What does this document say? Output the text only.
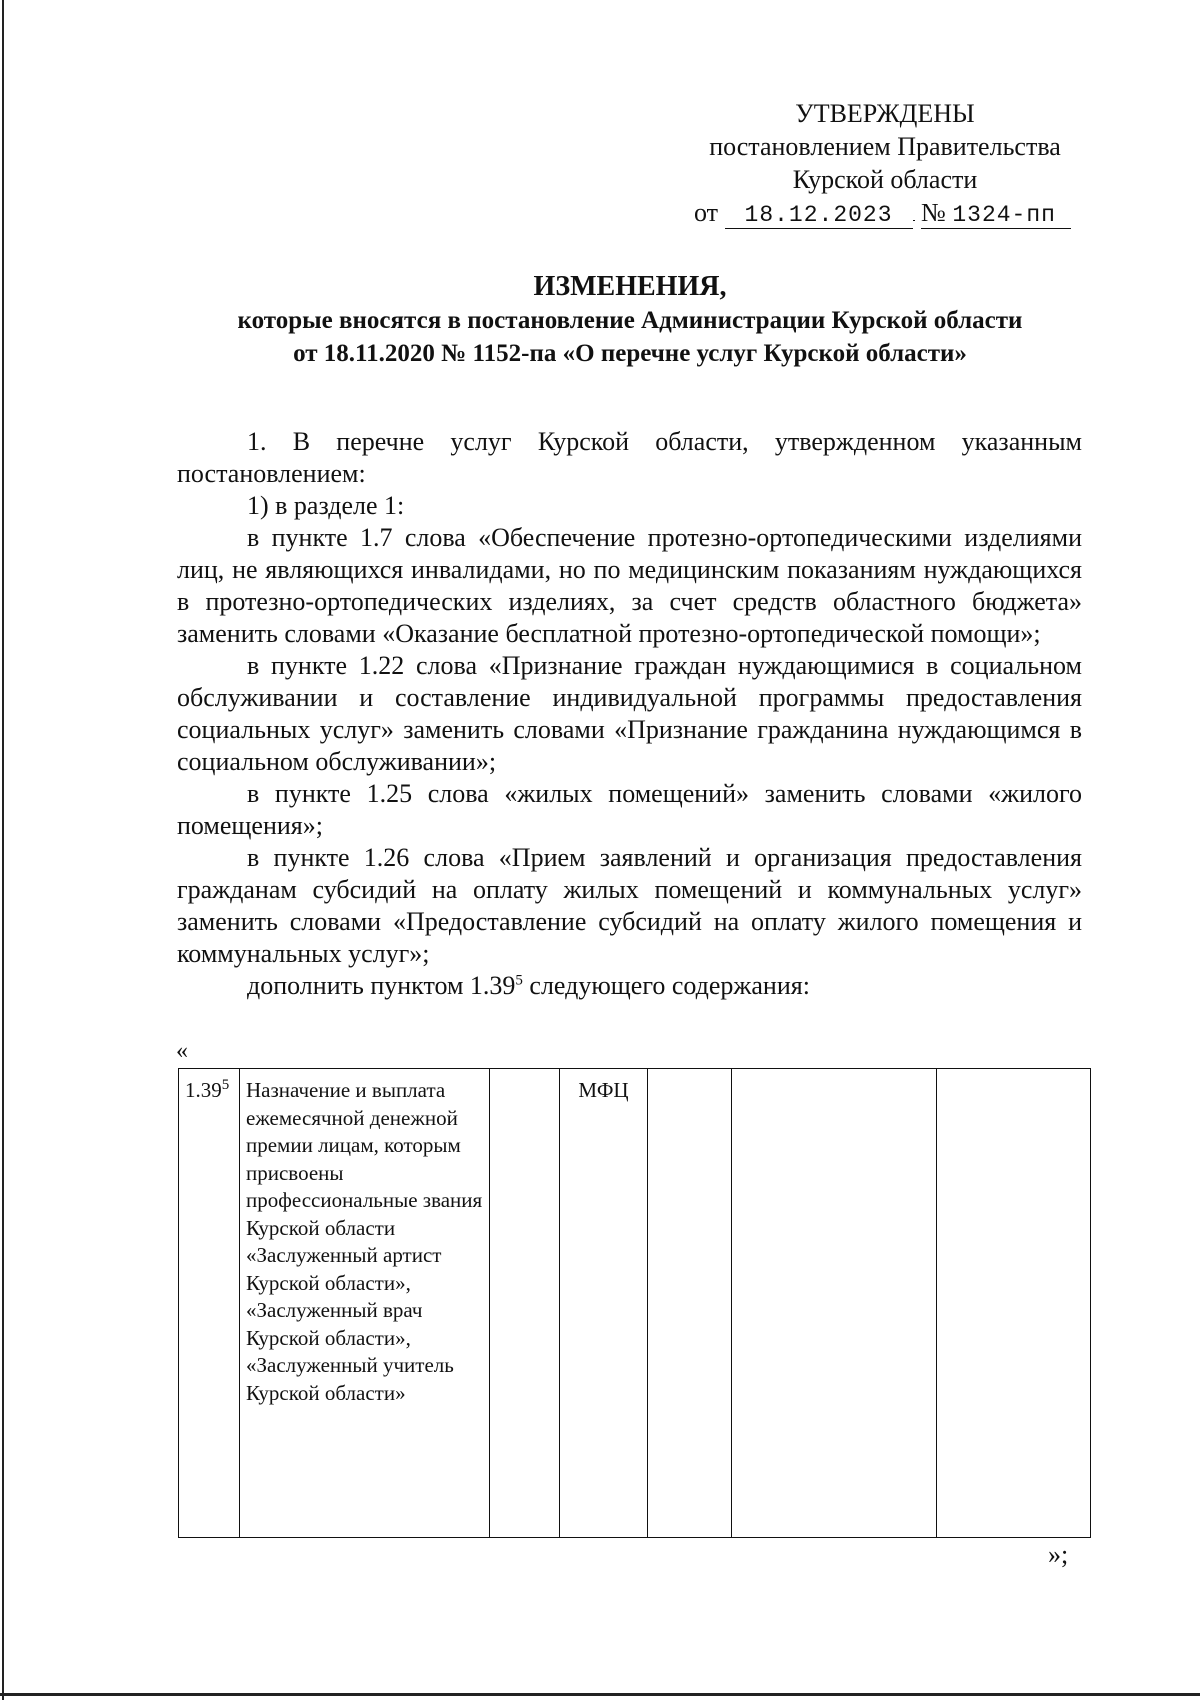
УТВЕРЖДЕНЫ
постановлением Правительства
Курской области
от 18.12.2023 № 1324-пп
ИЗМЕНЕНИЯ,
которые вносятся в постановление Администрации Курской области
от 18.11.2020 № 1152-па «О перечне услуг Курской области»

1. В перечне услуг Курской области, утвержденном указанным постановлением:

1) в разделе 1:

в пункте 1.7 слова «Обеспечение протезно-ортопедическими изделиями лиц, не являющихся инвалидами, но по медицинским показаниям нуждающихся в протезно-ортопедических изделиях, за счет средств областного бюджета» заменить словами «Оказание бесплатной протезно-ортопедической помощи»;

в пункте 1.22 слова «Признание граждан нуждающимися в социальном обслуживании и составление индивидуальной программы предоставления социальных услуг» заменить словами «Признание гражданина нуждающимся в социальном обслуживании»;

в пункте 1.25 слова «жилых помещений» заменить словами «жилого помещения»;

в пункте 1.26 слова «Прием заявлений и организация предоставления гражданам субсидий на оплату жилых помещений и коммунальных услуг» заменить словами «Предоставление субсидий на оплату жилого помещения и коммунальных услуг»;

дополнить пунктом 1.39$^5$ следующего содержания:

«
1.39$^5$	Назначение и выплата ежемесячной денежной премии лицам, которым присвоены профессиональные звания Курской области «Заслуженный артист Курской области», «Заслуженный врач Курской области», «Заслуженный учитель Курской области»		МФЦ			
»;
